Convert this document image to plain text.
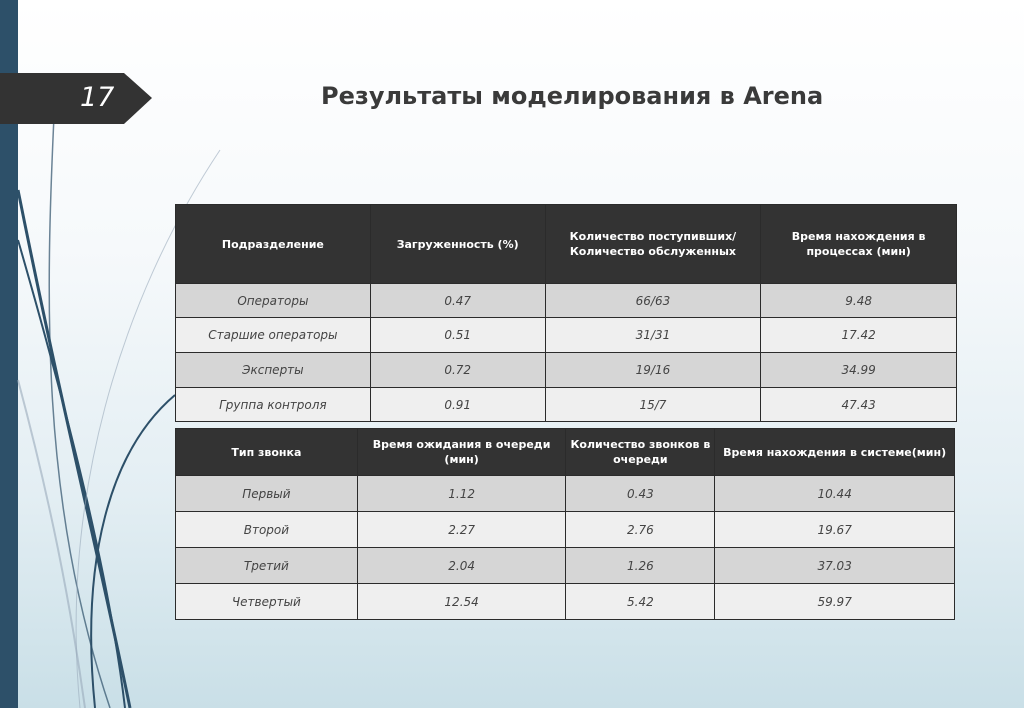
17	Результаты моделирования в Arena
Подразделение	Загруженность (%)	Количество поступивших/ Количество обслуженных	Время нахождения в процессах (мин)
Операторы	0.47	66/63	9.48
Старшие операторы	0.51	31/31	17.42
Эксперты	0.72	19/16	34.99
Группа контроля	0.91	15/7	47.43
Тип звонка	Время ожидания в очереди (мин)	Количество звонков в очереди	Время нахождения в системе(мин)
Первый	1.12	0.43	10.44
Второй	2.27	2.76	19.67
Третий	2.04	1.26	37.03
Четвертый	12.54	5.42	59.97
